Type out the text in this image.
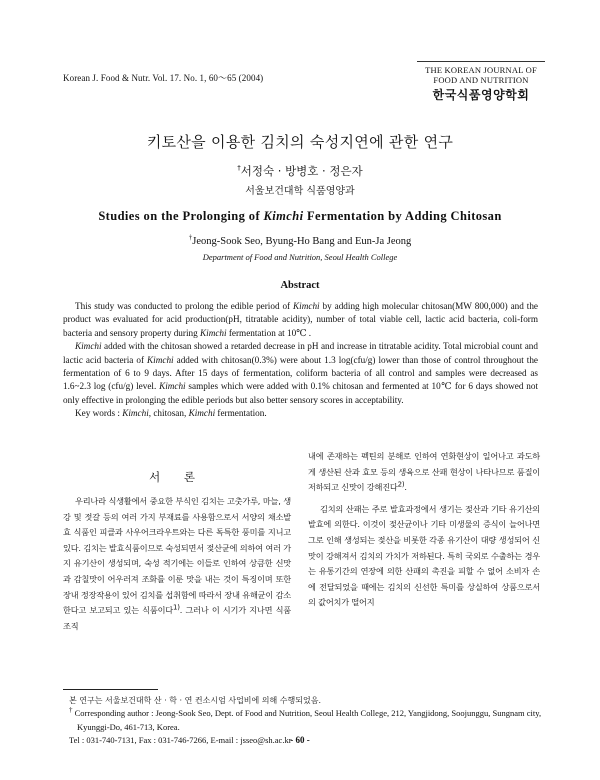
Korean J. Food & Nutr. Vol. 17. No. 1, 60～65 (2004)
THE KOREAN JOURNAL OF
FOOD AND NUTRITION
한국식품영양학회
키토산을 이용한 김치의 숙성지연에 관한 연구
†서정숙 · 방병호 · 정은자
서울보건대학 식품영양과
Studies on the Prolonging of Kimchi Fermentation by Adding Chitosan
†Jeong-Sook Seo, Byung-Ho Bang and Eun-Ja Jeong
Department of Food and Nutrition, Seoul Health College
Abstract

This study was conducted to prolong the edible period of Kimchi by adding high molecular chitosan(MW 800,000) and the product was evaluated for acid production(pH, titratable acidity), number of total viable cell, lactic acid bacteria, coli-form bacteria and sensory property during Kimchi fermentation at 10℃ .

Kimchi added with the chitosan showed a retarded decrease in pH and increase in titratable acidity. Total microbial count and lactic acid bacteria of Kimchi added with chitosan(0.3%) were about 1.3 log(cfu/g) lower than those of control throughout the fermentation of 6 to 9 days. After 15 days of fermentation, coliform bacteria of all control and samples were decreased as 1.6~2.3 log (cfu/g) level. Kimchi samples which were added with 0.1% chitosan and fermented at 10℃ for 6 days showed not only effective in prolonging the edible periods but also better sensory scores in acceptability.

Key words : Kimchi, chitosan, Kimchi fermentation.

서 론

우리나라 식생활에서 중요한 부식인 김치는 고춧가루, 마늘, 생강 및 젓갈 등의 여러 가지 부재료를 사용함으로서 서양의 채소발효 식품인 피클과 사우어크라우트와는 다른 독특한 풍미를 지니고 있다. 김치는 발효식품이므로 숙성되면서 젖산균에 의하여 여러 가지 유기산이 생성되며, 숙성 적기에는 이들로 인하여 상큼한 신맛과 감칠맛이 어우러져 조화를 이룬 맛을 내는 것이 특징이며 또한 장내 정장작용이 있어 김치를 섭취함에 따라서 장내 유해균이 감소한다고 보고되고 있는 식품이다$^{1)}$. 그러나 이 시기가 지나면 식품조직

내에 존재하는 펙틴의 분해로 인하여 연화현상이 일어나고 과도하게 생산된 산과 효모 등의 생육으로 산패 현상이 나타나므로 품질이 저하되고 신맛이 강해진다$^{2)}$.

김치의 산패는 주로 발효과정에서 생기는 젖산과 기타 유기산의 발효에 의한다. 이것이 젖산균이나 기타 미생물의 증식이 늘어나면 그로 인해 생성되는 젖산을 비롯한 각종 유기산이 대량 생성되어 신맛이 강해져서 김치의 가치가 저하된다. 특히 국외로 수출하는 경우는 유통기간의 연장에 의한 산패의 촉진을 피할 수 없어 소비자 손에 전달되었을 때에는 김치의 신선한 특미를 상실하여 상품으로서의 값어치가 떨어지

본 연구는 서울보건대학 산 · 학 · 연 컨소시엄 사업비에 의해 수행되었음.
† Corresponding author : Jeong-Sook Seo, Dept. of Food and Nutrition, Seoul Health College, 212, Yangjidong, Soojunggu, Sungnam city, Kyunggi-Do, 461-713, Korea.
Tel : 031-740-7131, Fax : 031-746-7266, E-mail : jsseo@sh.ac.kr
- 60 -
